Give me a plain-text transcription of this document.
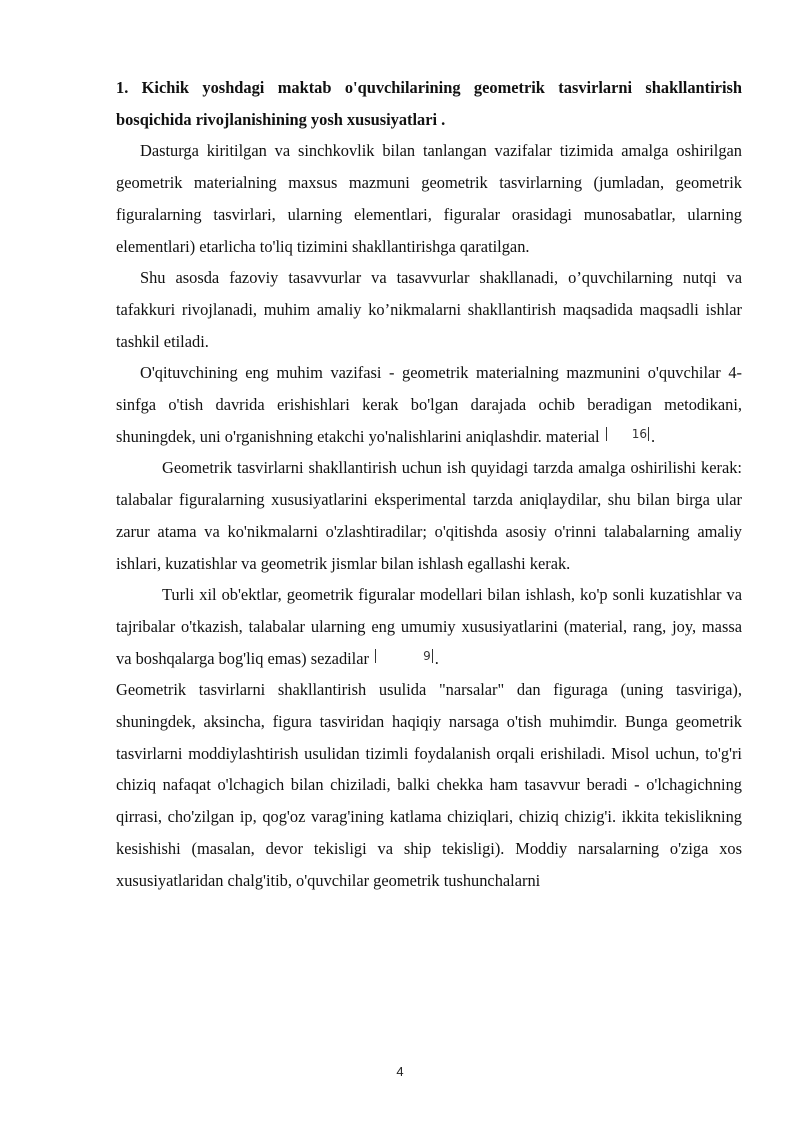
1. Kichik yoshdagi maktab o'quvchilarining geometrik tasvirlarni shakllantirish bosqichida rivojlanishining yosh xususiyatlari .

Dasturga kiritilgan va sinchkovlik bilan tanlangan vazifalar tizimida amalga oshirilgan geometrik materialning maxsus mazmuni geometrik tasvirlarning (jumladan, geometrik figuralarning tasvirlari, ularning elementlari, figuralar orasidagi munosabatlar, ularning elementlari) etarlicha to'liq tizimini shakllantirishga qaratilgan.

Shu asosda fazoviy tasavvurlar va tasavvurlar shakllanadi, o’quvchilarning nutqi va tafakkuri rivojlanadi, muhim amaliy ko’nikmalarni shakllantirish maqsadida maqsadli ishlar tashkil etiladi.

O'qituvchining eng muhim vazifasi - geometrik materialning mazmunini o'quvchilar 4-sinfga o'tish davrida erishishlari kerak bo'lgan darajada ochib beradigan metodikani, shuningdek, uni o'rganishning etakchi yo'nalishlarini aniqlashdir. material	16 .

Geometrik tasvirlarni shakllantirish uchun ish quyidagi tarzda amalga oshirilishi kerak: talabalar figuralarning xususiyatlarini eksperimental tarzda aniqlaydilar, shu bilan birga ular zarur atama va ko'nikmalarni o'zlashtiradilar; o'qitishda asosiy o'rinni talabalarning amaliy ishlari, kuzatishlar va geometrik jismlar bilan ishlash egallashi kerak.

Turli xil ob'ektlar, geometrik figuralar modellari bilan ishlash, ko'p sonli kuzatishlar va tajribalar o'tkazish, talabalar ularning eng umumiy xususiyatlarini (material, rang, joy, massa va boshqalarga bog'liq emas) sezadilar	9 .

Geometrik tasvirlarni shakllantirish usulida "narsalar" dan figuraga (uning tasviriga), shuningdek, aksincha, figura tasviridan haqiqiy narsaga o'tish muhimdir. Bunga geometrik tasvirlarni moddiylashtirish usulidan tizimli foydalanish orqali erishiladi. Misol uchun, to'g'ri chiziq nafaqat o'lchagich bilan chiziladi, balki chekka ham tasavvur beradi - o'lchagichning qirrasi, cho'zilgan ip, qog'oz varag'ining katlama chiziqlari, chiziq chizig'i. ikkita tekislikning kesishishi (masalan, devor tekisligi va ship tekisligi). Moddiy narsalarning o'ziga xos xususiyatlaridan chalg'itib, o'quvchilar geometrik tushunchalarni

4
